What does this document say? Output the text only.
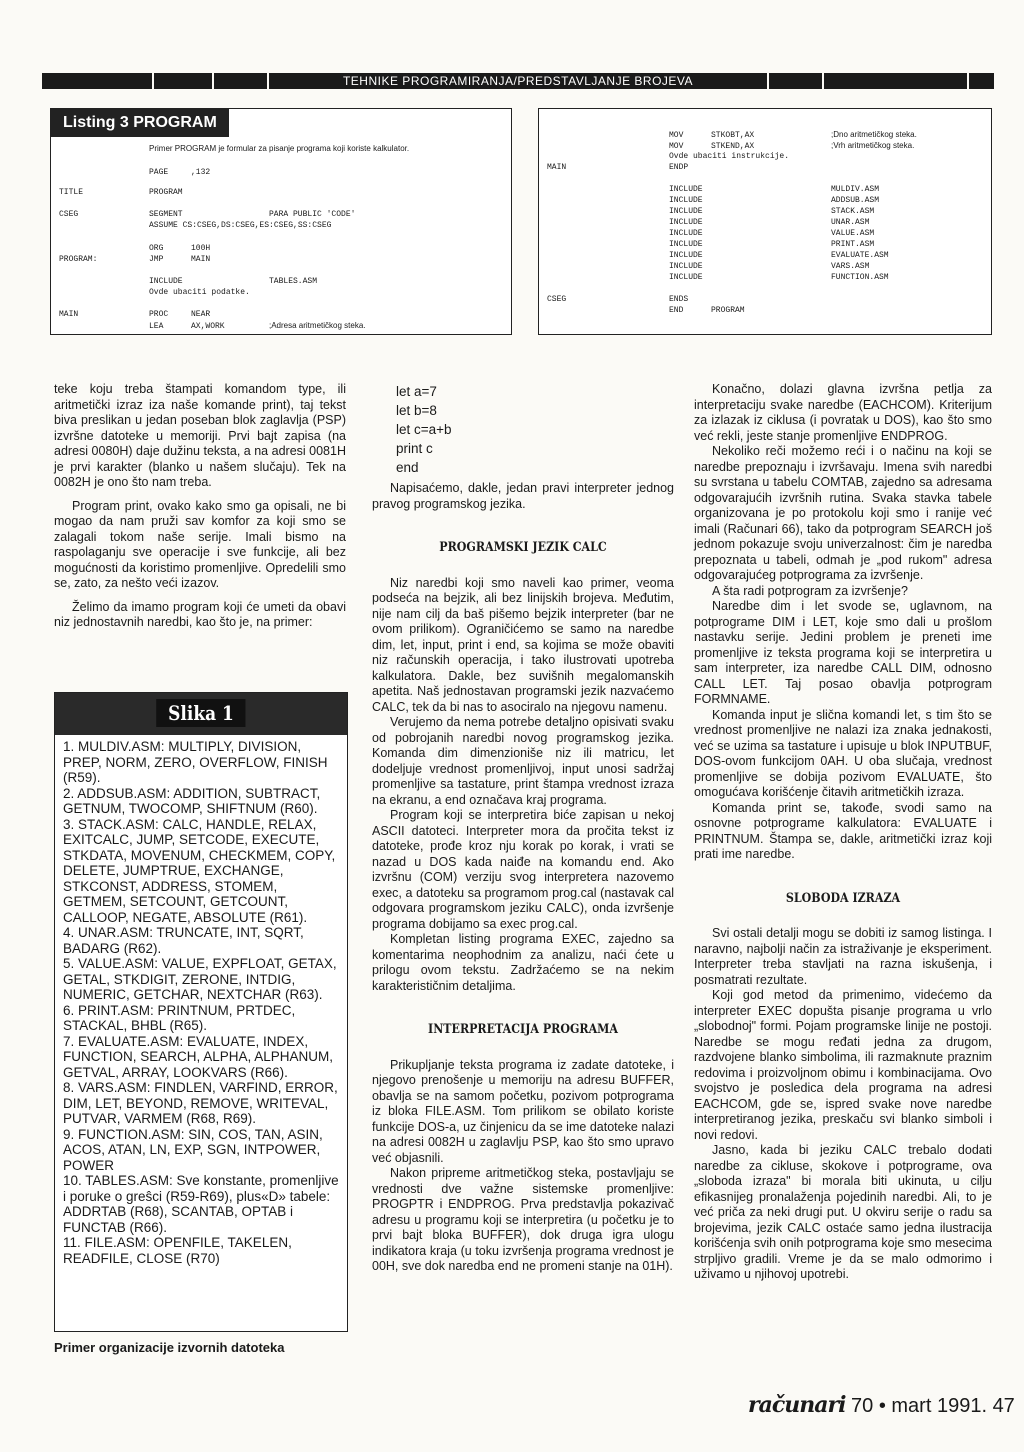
TEHNIKE PROGRAMIRANJA/PREDSTAVLJANJE BROJEVA
Listing 3 PROGRAM
Primer PROGRAM je formular za pisanje programa koji koriste kalkulator.
PAGE	,132
TITLE	PROGRAM
CSEG	SEGMENT	PARA PUBLIC 'CODE'
ASSUME CS:CSEG,DS:CSEG,ES:CSEG,SS:CSEG
ORG	100H
PROGRAM:	JMP	MAIN
INCLUDE	TABLES.ASM
Ovde ubaciti podatke.
MAIN	PROC	NEAR
LEA	AX,WORK	;Adresa aritmetičkog steka.
MOV	STKOBT,AX	;Dno aritmetičkog steka.
MOV	STKEND,AX	;Vrh aritmetičkog steka.
Ovde ubaciti instrukcije.
MAIN	ENDP
INCLUDE	MULDIV.ASM
INCLUDE	ADDSUB.ASM
INCLUDE	STACK.ASM
INCLUDE	UNAR.ASM
INCLUDE	VALUE.ASM
INCLUDE	PRINT.ASM
INCLUDE	EVALUATE.ASM
INCLUDE	VARS.ASM
INCLUDE	FUNCTION.ASM
CSEG	ENDS
END	PROGRAM

teke koju treba štampati komandom type, ili aritmetički izraz iza naše komande print), taj tekst biva preslikan u jedan poseban blok zaglavlja (PSP) izvršne datoteke u memoriji. Prvi bajt zapisa (na adresi 0080H) daje dužinu teksta, a na adresi 0081H je prvi karakter (blanko u našem slučaju). Tek na 0082H je ono što nam treba.

Program print, ovako kako smo ga opisali, ne bi mogao da nam pruži sav komfor za koji smo se zalagali tokom naše serije. Imali bismo na raspolaganju sve operacije i sve funkcije, ali bez mogućnosti da koristimo promenljive. Opredelili smo se, zato, za nešto veći izazov.

Želimo da imamo program koji će umeti da obavi niz jednostavnih naredbi, kao što je, na primer:

Slika 1

1. MULDIV.ASM: MULTIPLY, DIVISION, PREP, NORM, ZERO, OVERFLOW, FINISH (R59).

2. ADDSUB.ASM: ADDITION, SUBTRACT, GETNUM, TWOCOMP, SHIFTNUM (R60).

3. STACK.ASM: CALC, HANDLE, RELAX, EXITCALC, JUMP, SETCODE, EXECUTE, STKDATA, MOVENUM, CHECKMEM, COPY, DELETE, JUMPTRUE, EXCHANGE, STKCONST, ADDRESS, STOMEM, GETMEM, SETCOUNT, GETCOUNT, CALLOOP, NEGATE, ABSOLUTE (R61).

4. UNAR.ASM: TRUNCATE, INT, SQRT, BADARG (R62).

5. VALUE.ASM: VALUE, EXPFLOAT, GETAX, GETAL, STKDIGIT, ZERONE, INTDIG, NUMERIC, GETCHAR, NEXTCHAR (R63).

6. PRINT.ASM: PRINTNUM, PRTDEC, STACKAL, BHBL (R65).

7. EVALUATE.ASM: EVALUATE, INDEX, FUNCTION, SEARCH, ALPHA, ALPHANUM, GETVAL, ARRAY, LOOKVARS (R66).

8. VARS.ASM: FINDLEN, VARFIND, ERROR, DIM, LET, BEYOND, REMOVE, WRITEVAL, PUTVAR, VARMEM (R68, R69).

9. FUNCTION.ASM: SIN, COS, TAN, ASIN, ACOS, ATAN, LN, EXP, SGN, INTPOWER, POWER

10. TABLES.ASM: Sve konstante, promenljive i poruke o greŝci (R59-R69), plus«D» tabele: ADDRTAB (R68), SCANTAB, OPTAB i FUNCTAB (R66).

11. FILE.ASM: OPENFILE, TAKELEN, READFILE, CLOSE (R70)

Primer organizacije izvornih datoteka
let a=7
let b=8
let c=a+b
print c
end

Napisaćemo, dakle, jedan pravi interpreter jednog pravog programskog jezika.

PROGRAMSKI JEZIK CALC

Niz naredbi koji smo naveli kao primer, veoma podseća na bejzik, ali bez linijskih brojeva. Međutim, nije nam cilj da baš pišemo bejzik interpreter (bar ne ovom prilikom). Ograničićemo se samo na naredbe dim, let, input, print i end, sa kojima se može obaviti niz računskih operacija, i tako ilustrovati upotreba kalkulatora. Dakle, bez suvišnih megalomanskih apetita. Naš jednostavan programski jezik nazvaćemo CALC, tek da bi nas to asociralo na njegovu namenu.

Verujemo da nema potrebe detaljno opisivati svaku od pobrojanih naredbi novog programskog jezika. Komanda dim dimenzioniše niz ili matricu, let dodeljuje vrednost promenljivoj, input unosi sadržaj promenljive sa tastature, print štampa vrednost izraza na ekranu, a end označava kraj programa.

Program koji se interpretira biće zapisan u nekoj ASCII datoteci. Interpreter mora da pročita tekst iz datoteke, prođe kroz nju korak po korak, i vrati se nazad u DOS kada naiđe na komandu end. Ako izvršnu (COM) verziju svog interpretera nazovemo exec, a datoteku sa programom prog.cal (nastavak cal odgovara programskom jeziku CALC), onda izvršenje programa dobijamo sa exec prog.cal.

Kompletan listing programa EXEC, zajedno sa komentarima neophodnim za analizu, naći ćete u prilogu ovom tekstu. Zadržaćemo se na nekim karakterističnim detaljima.

INTERPRETACIJA PROGRAMA

Prikupljanje teksta programa iz zadate datoteke, i njegovo prenošenje u memoriju na adresu BUFFER, obavlja se na samom početku, pozivom potprograma iz bloka FILE.ASM. Tom prilikom se obilato koriste funkcije DOS-a, uz činjenicu da se ime datoteke nalazi na adresi 0082H u zaglavlju PSP, kao što smo upravo već objasnili.

Nakon pripreme aritmetičkog steka, postavljaju se vrednosti dve važne sistemske promenljive: PROGPTR i ENDPROG. Prva predstavlja pokazivač adresu u programu koji se interpretira (u početku je to prvi bajt bloka BUFFER), dok druga igra ulogu indikatora kraja (u toku izvršenja programa vrednost je 00H, sve dok naredba end ne promeni stanje na 01H).

Konačno, dolazi glavna izvršna petlja za interpretaciju svake naredbe (EACHCOM). Kriterijum za izlazak iz ciklusa (i povratak u DOS), kao što smo već rekli, jeste stanje promenljive ENDPROG.

Nekoliko reči možemo reći i o načinu na koji se naredbe prepoznaju i izvršavaju. Imena svih naredbi su svrstana u tabelu COMTAB, zajedno sa adresama odgovarajućih izvršnih rutina. Svaka stavka tabele organizovana je po protokolu koji smo i ranije već imali (Računari 66), tako da potprogram SEARCH još jednom pokazuje svoju univerzalnost: čim je naredba prepoznata u tabeli, odmah je „pod rukom" adresa odgovarajućeg potprograma za izvršenje.

A šta radi potprogram za izvršenje?

Naredbe dim i let svode se, uglavnom, na potprograme DIM i LET, koje smo dali u prošlom nastavku serije. Jedini problem je preneti ime promenljive iz teksta programa koji se interpretira u sam interpreter, iza naredbe CALL DIM, odnosno CALL LET. Taj posao obavlja potprogram FORMNAME.

Komanda input je slična komandi let, s tim što se vrednost promenljive ne nalazi iza znaka jednakosti, već se uzima sa tastature i upisuje u blok INPUTBUF, DOS-ovom funkcijom 0AH. U oba slučaja, vrednost promenljive se dobija pozivom EVALUATE, što omogućava korišćenje čitavih aritmetičkih izraza.

Komanda print se, takođe, svodi samo na osnovne potprograme kalkulatora: EVALUATE i PRINTNUM. Štampa se, dakle, aritmetički izraz koji prati ime naredbe.

SLOBODA IZRAZA

Svi ostali detalji mogu se dobiti iz samog listinga. I naravno, najbolji način za istraživanje je eksperiment. Interpreter treba stavljati na razna iskušenja, i posmatrati rezultate.

Koji god metod da primenimo, videćemo da interpreter EXEC dopušta pisanje programa u vrlo „slobodnoj" formi. Pojam programske linije ne postoji. Naredbe se mogu ređati jedna za drugom, razdvojene blanko simbolima, ili razmaknute praznim redovima i proizvoljnom obimu i kombinacijama. Ovo svojstvo je posledica dela programa na adresi EACHCOM, gde se, ispred svake nove naredbe interpretiranog jezika, preskaču svi blanko simboli i novi redovi.

Jasno, kada bi jeziku CALC trebalo dodati naredbe za cikluse, skokove i potprograme, ova „sloboda izraza" bi morala biti ukinuta, u cilju efikasnijeg pronalaženja pojedinih naredbi. Ali, to je već priča za neki drugi put. U okviru serije o radu sa brojevima, jezik CALC ostaće samo jedna ilustracija korišćenja svih onih potprograma koje smo mesecima strpljivo gradili. Vreme je da se malo odmorimo i uživamo u njihovoj upotrebi.

računari 70 • mart 1991. 47
